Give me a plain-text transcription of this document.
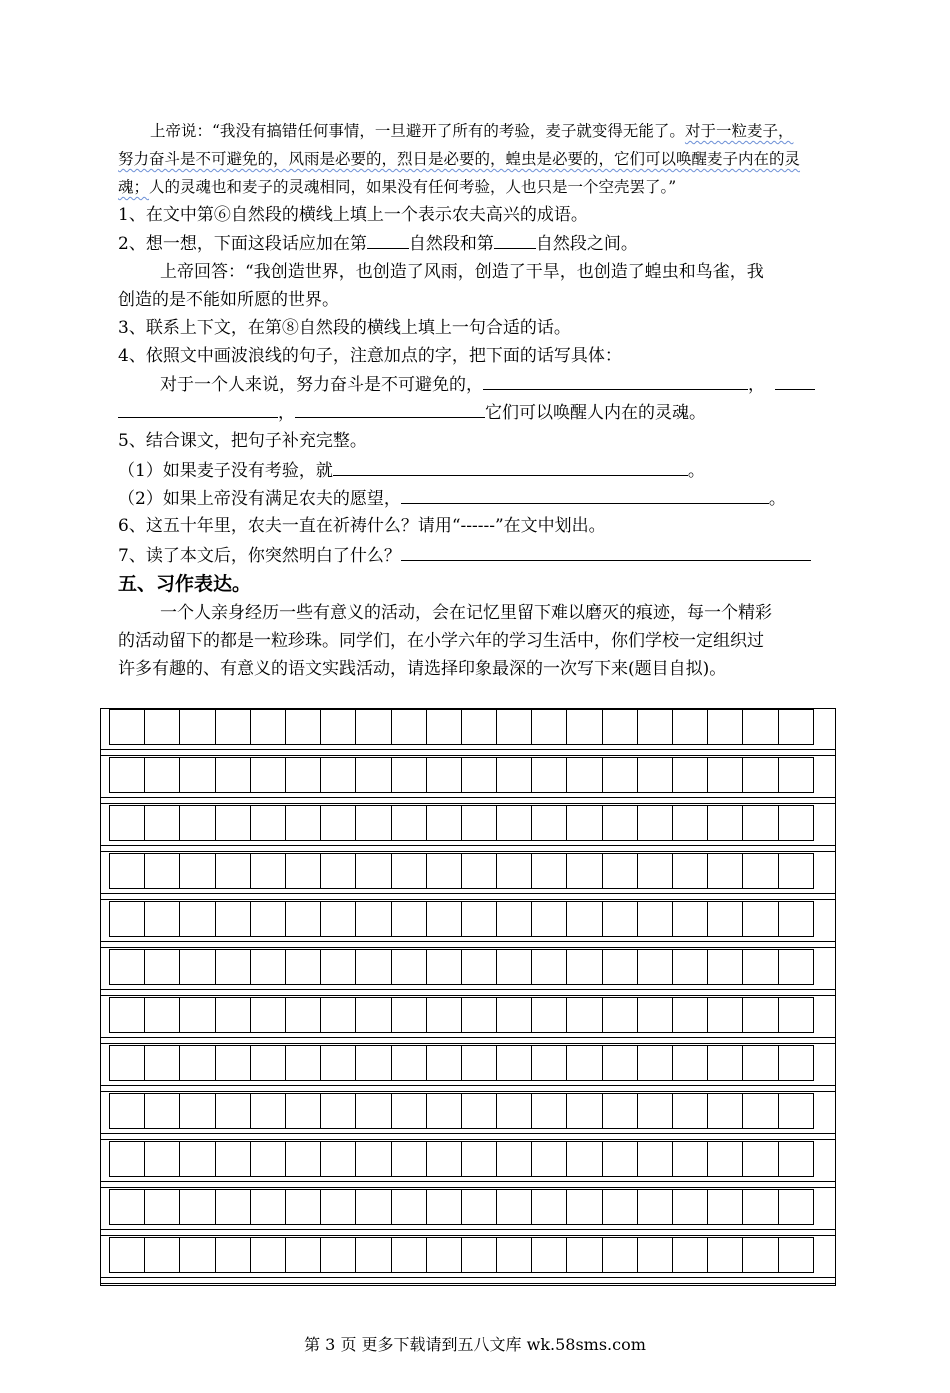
上帝说：“我没有搞错任何事情，一旦避开了所有的考验，麦子就变得无能了。对于一粒麦子，
努力奋斗是不可避免的，风雨是必要的，烈日是必要的，蝗虫是必要的，它们可以唤醒麦子内在的灵
魂；人的灵魂也和麦子的灵魂相同，如果没有任何考验，人也只是一个空壳罢了。”
1、在文中第⑥自然段的横线上填上一个表示农夫高兴的成语。
2、想一想，下面这段话应加在第 自然段和第 自然段之间。
上帝回答：“我创造世界，也创造了风雨，创造了干旱，也创造了蝗虫和鸟雀，我
创造的是不能如所愿的世界。
3、联系上下文，在第⑧自然段的横线上填上一句合适的话。
4、依照文中画波浪线的句子，注意加点的字，把下面的话写具体：
对于一个人来说，努力奋斗是不可避免的，	，
，	它们可以唤醒人内在的灵魂。
5、结合课文，把句子补充完整。
（1）如果麦子没有考验，就	。
（2）如果上帝没有满足农夫的愿望，	。
6、这五十年里，农夫一直在祈祷什么？请用“------”在文中划出。
7、读了本文后，你突然明白了什么？
五、习作表达。
一个人亲身经历一些有意义的活动，会在记忆里留下难以磨灭的痕迹，每一个精彩
的活动留下的都是一粒珍珠。同学们，在小学六年的学习生活中，你们学校一定组织过
许多有趣的、有意义的语文实践活动，请选择印象最深的一次写下来(题目自拟)。
第 3 页 更多下载请到五八文库 wk.58sms.com
